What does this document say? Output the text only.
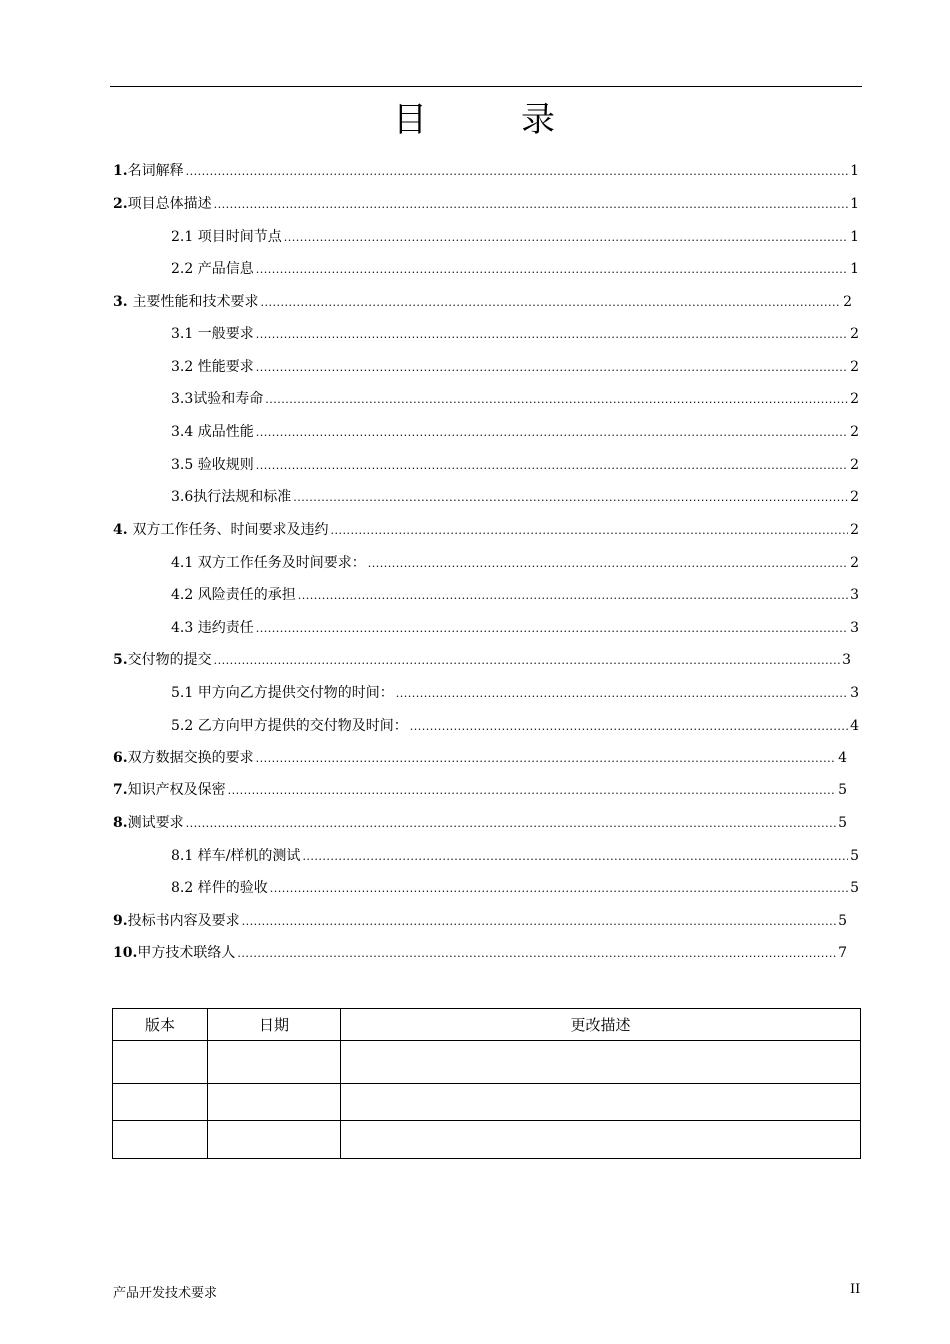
目　录
1. 名词解释 .....	1
2. 项目总体描述 .....	1
2.1 项目时间节点 .....	1
2.2 产品信息 .....	1
3. 主要性能和技术要求 .....	2
3.1 一般要求 .....	2
3.2 性能要求 .....	2
3.3 试验和寿命 .....	2
3.4 成品性能 .....	2
3.5 验收规则 .....	2
3.6 执行法规和标准 .....	2
4. 双方工作任务、时间要求及违约 .....	2
4.1 双方工作任务及时间要求： .....	2
4.2 风险责任的承担 .....	3
4.3 违约责任 .....	3
5. 交付物的提交 .....	3
5.1 甲方向乙方提供交付物的时间： .....	3
5.2 乙方向甲方提供的交付物及时间： .....	4
6. 双方数据交换的要求 .....	4
7. 知识产权及保密 .....	5
8. 测试要求 .....	5
8.1 样车/样机的测试 .....	5
8.2 样件的验收 .....	5
9. 投标书内容及要求 .....	5
10. 甲方技术联络人 .....	7
版本	日期	更改描述

产品开发技术要求	II
